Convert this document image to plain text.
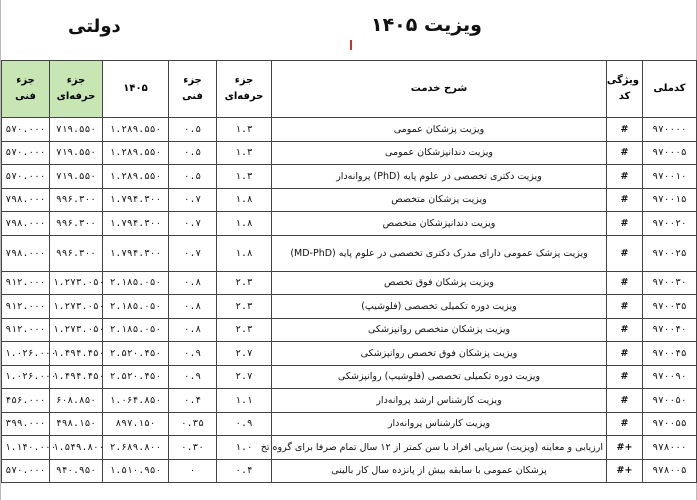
ویزیت ۱۴۰۵
دولتی
کدملی	ویژگی کد	شرح خدمت	جزء حرفه‌ای	جزء فنی	۱۴۰۵	جزء حرفه‌ای	جزء فنی
۹۷۰۰۰۰	#	ویزیت پزشکان عمومی	۱.۳	۰.۵	۱.۲۸۹.۵۵۰	۷۱۹.۵۵۰	۵۷۰.۰۰۰
۹۷۰۰۰۵	#	ویزیت دندانپزشکان عمومی	۱.۳	۰.۵	۱.۲۸۹.۵۵۰	۷۱۹.۵۵۰	۵۷۰.۰۰۰
۹۷۰۰۱۰	#	ویزیت دکتری تخصصی در علوم پایه (PhD) پروانه‌دار	۱.۳	۰.۵	۱.۲۸۹.۵۵۰	۷۱۹.۵۵۰	۵۷۰.۰۰۰
۹۷۰۰۱۵	#	ویزیت پزشکان متخصص	۱.۸	۰.۷	۱.۷۹۴.۳۰۰	۹۹۶.۳۰۰	۷۹۸.۰۰۰
۹۷۰۰۲۰	#	ویزیت دندانپزشکان متخصص	۱.۸	۰.۷	۱.۷۹۴.۳۰۰	۹۹۶.۳۰۰	۷۹۸.۰۰۰
۹۷۰۰۲۵	#	ویزیت پزشک عمومی دارای مدرک دکتری تخصصی در علوم پایه (MD-PhD)	۱.۸	۰.۷	۱.۷۹۴.۳۰۰	۹۹۶.۳۰۰	۷۹۸.۰۰۰
۹۷۰۰۳۰	#	ویزیت پزشکان فوق تخصص	۲.۳	۰.۸	۲.۱۸۵.۰۵۰	۱.۲۷۳.۰۵۰	۹۱۲.۰۰۰
۹۷۰۰۳۵	#	ویزیت دوره تکمیلی تخصصی (فلوشیپ)	۲.۳	۰.۸	۲.۱۸۵.۰۵۰	۱.۲۷۳.۰۵۰	۹۱۲.۰۰۰
۹۷۰۰۴۰	#	ویزیت پزشکان متخصص روانپزشکی	۲.۳	۰.۸	۲.۱۸۵.۰۵۰	۱.۲۷۳.۰۵۰	۹۱۲.۰۰۰
۹۷۰۰۴۵	#	ویزیت پزشکان فوق تخصص روانپزشکی	۲.۷	۰.۹	۲.۵۲۰.۴۵۰	۱.۴۹۴.۴۵۰	۱.۰۲۶.۰۰۰
۹۷۰۰۹۰	#	ویزیت دوره تکمیلی تخصصی (فلوشیپ) روانپزشکی	۲.۷	۰.۹	۲.۵۲۰.۴۵۰	۱.۴۹۴.۴۵۰	۱.۰۲۶.۰۰۰
۹۷۰۰۵۰	#	ویزیت کارشناس ارشد پروانه‌دار	۱.۱	۰.۴	۱.۰۶۴.۸۵۰	۶۰۸.۸۵۰	۴۵۶.۰۰۰
۹۷۰۰۵۵	#	ویزیت کارشناس پروانه‌دار	۰.۹	۰.۳۵	۸۹۷.۱۵۰	۴۹۸.۱۵۰	۳۹۹.۰۰۰
۹۷۸۰۰۰	+#	ارزیابی و معاینه (ویزیت) سرپایی افراد با سن کمتر از ۱۲ سال تمام صرفا برای گروه تخ	۱.۰	۰.۳۰	۲.۶۸۹.۸۰۰	۱.۵۴۹.۸۰۰	۱.۱۴۰.۰۰۰
۹۷۸۰۰۵	+#	پزشکان عمومی با سابقه بیش از پانزده سال کار بالینی	۰.۴	۰	۱.۵۱۰.۹۵۰	۹۴۰.۹۵۰	۵۷۰.۰۰۰
